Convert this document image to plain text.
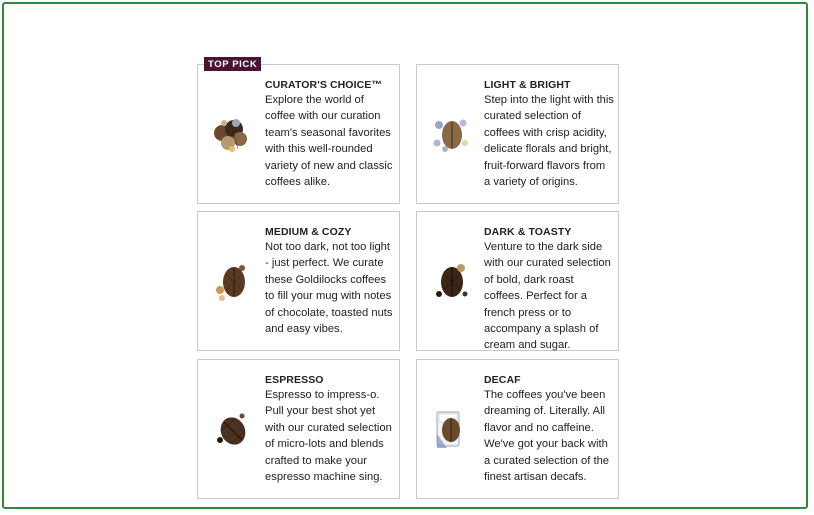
TOP PICK
CURATOR'S CHOICE™
Explore the world of coffee with our curation team's seasonal favorites with this well-rounded variety of new and classic coffees alike.
LIGHT & BRIGHT
Step into the light with this curated selection of coffees with crisp acidity, delicate florals and bright, fruit-forward flavors from a variety of origins.
MEDIUM & COZY
Not too dark, not too light - just perfect. We curate these Goldilocks coffees to fill your mug with notes of chocolate, toasted nuts and easy vibes.
DARK & TOASTY
Venture to the dark side with our curated selection of bold, dark roast coffees. Perfect for a french press or to accompany a splash of cream and sugar.
ESPRESSO
Espresso to impress-o. Pull your best shot yet with our curated selection of micro-lots and blends crafted to make your espresso machine sing.
DECAF
The coffees you've been dreaming of. Literally. All flavor and no caffeine. We've got your back with a curated selection of the finest artisan decafs.
